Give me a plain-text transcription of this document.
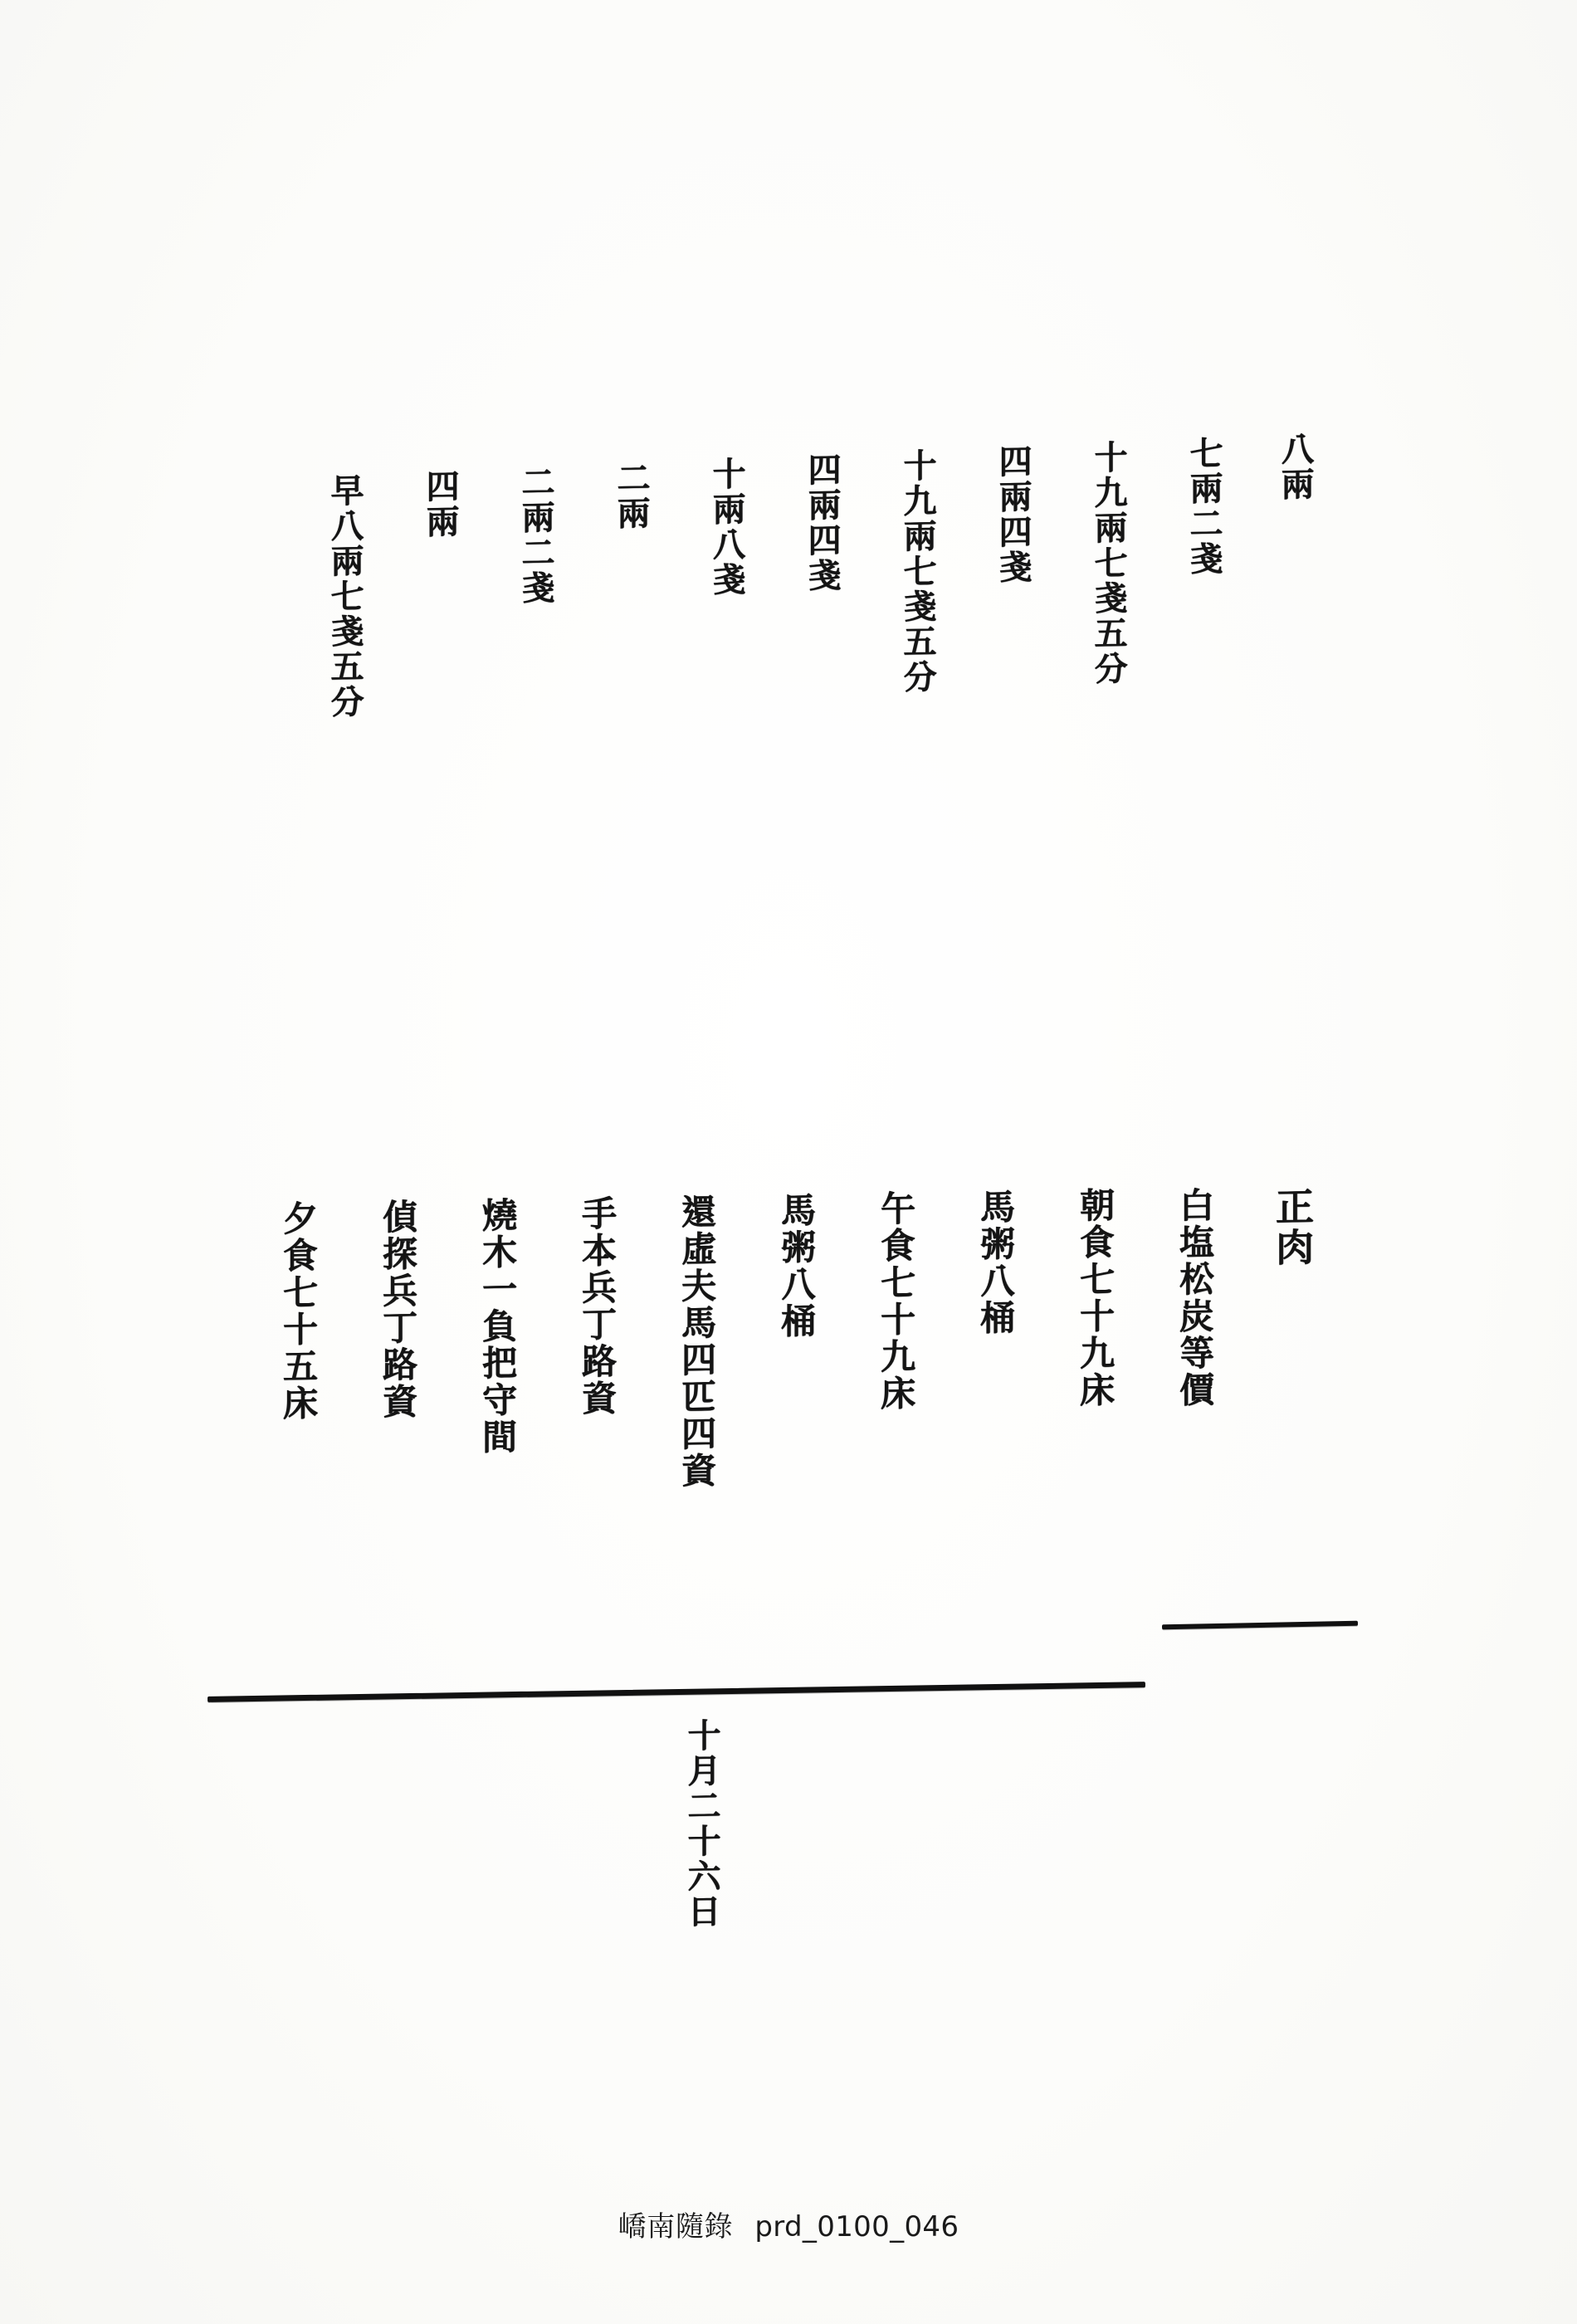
八兩
七兩二戔
十九兩七戔五分
四兩四戔
十九兩七戔五分
四兩四戔
十兩八戔
二兩
二兩二戔
四兩
早八兩七戔五分
正肉
白塩松炭等價
朝食七十九床
馬粥八桶
午食七十九床
馬粥八桶
還虛夫馬四匹四資
手本兵丁路資
燒木一負把守間
偵探兵丁路資
夕食七十五床
十月二十六日
嶠南隨錄 prd_0100_046
